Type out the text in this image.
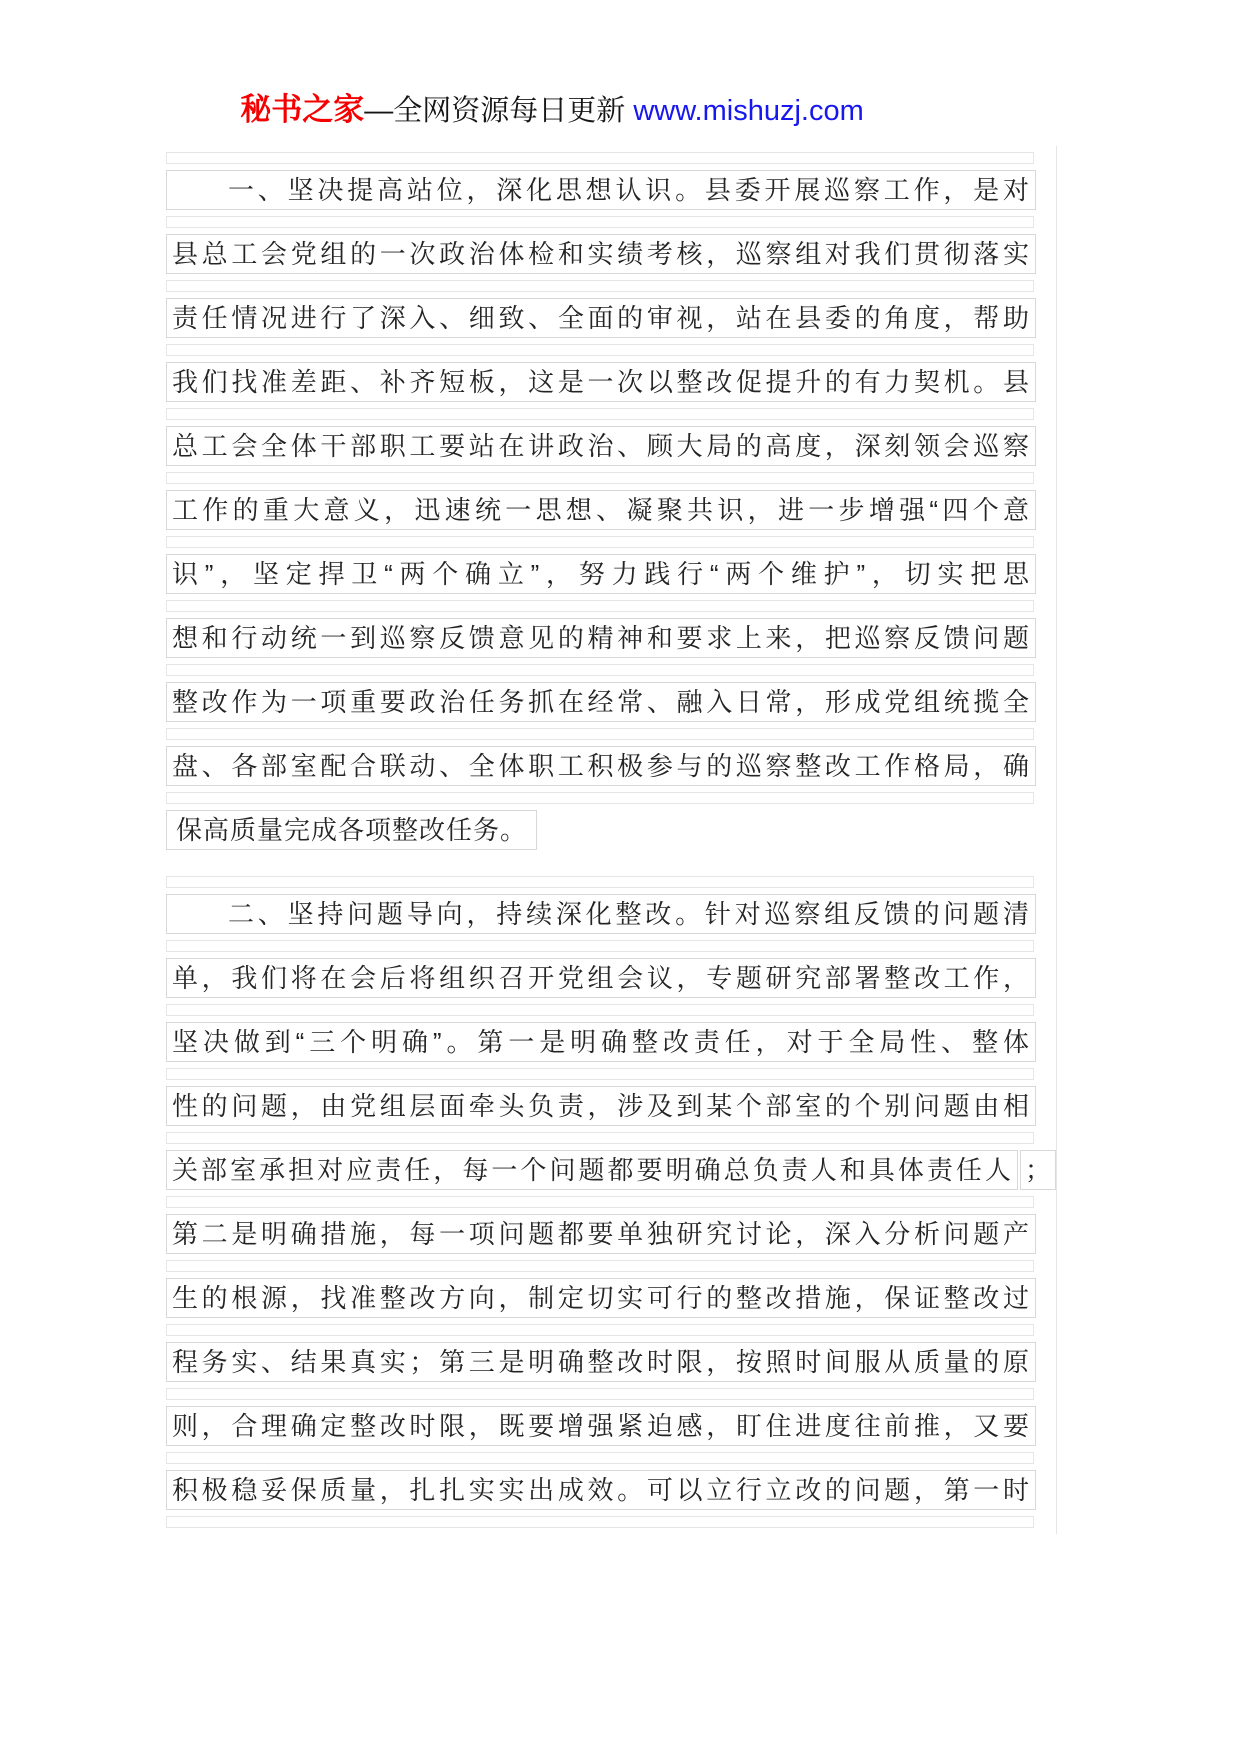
秘书之家—全网资源每日更新 www.mishuzj.com
一、坚决提高站位，深化思想认识。县委开展巡察工作，是对
县总工会党组的一次政治体检和实绩考核，巡察组对我们贯彻落实
责任情况进行了深入、细致、全面的审视，站在县委的角度，帮助
我们找准差距、补齐短板，这是一次以整改促提升的有力契机。县
总工会全体干部职工要站在讲政治、顾大局的高度，深刻领会巡察
工作的重大意义，迅速统一思想、凝聚共识，进一步增强“四个意
识”，坚定捍卫“两个确立”，努力践行“两个维护”，切实把思
想和行动统一到巡察反馈意见的精神和要求上来，把巡察反馈问题
整改作为一项重要政治任务抓在经常、融入日常，形成党组统揽全
盘、各部室配合联动、全体职工积极参与的巡察整改工作格局，确
保高质量完成各项整改任务。
二、坚持问题导向，持续深化整改。针对巡察组反馈的问题清
单，我们将在会后将组织召开党组会议，专题研究部署整改工作，
坚决做到“三个明确”。第一是明确整改责任，对于全局性、整体
性的问题，由党组层面牵头负责，涉及到某个部室的个别问题由相
关部室承担对应责任，每一个问题都要明确总负责人和具体责任人 ；
第二是明确措施，每一项问题都要单独研究讨论，深入分析问题产
生的根源，找准整改方向，制定切实可行的整改措施，保证整改过
程务实、结果真实；第三是明确整改时限，按照时间服从质量的原
则，合理确定整改时限，既要增强紧迫感，盯住进度往前推，又要
积极稳妥保质量，扎扎实实出成效。可以立行立改的问题，第一时
